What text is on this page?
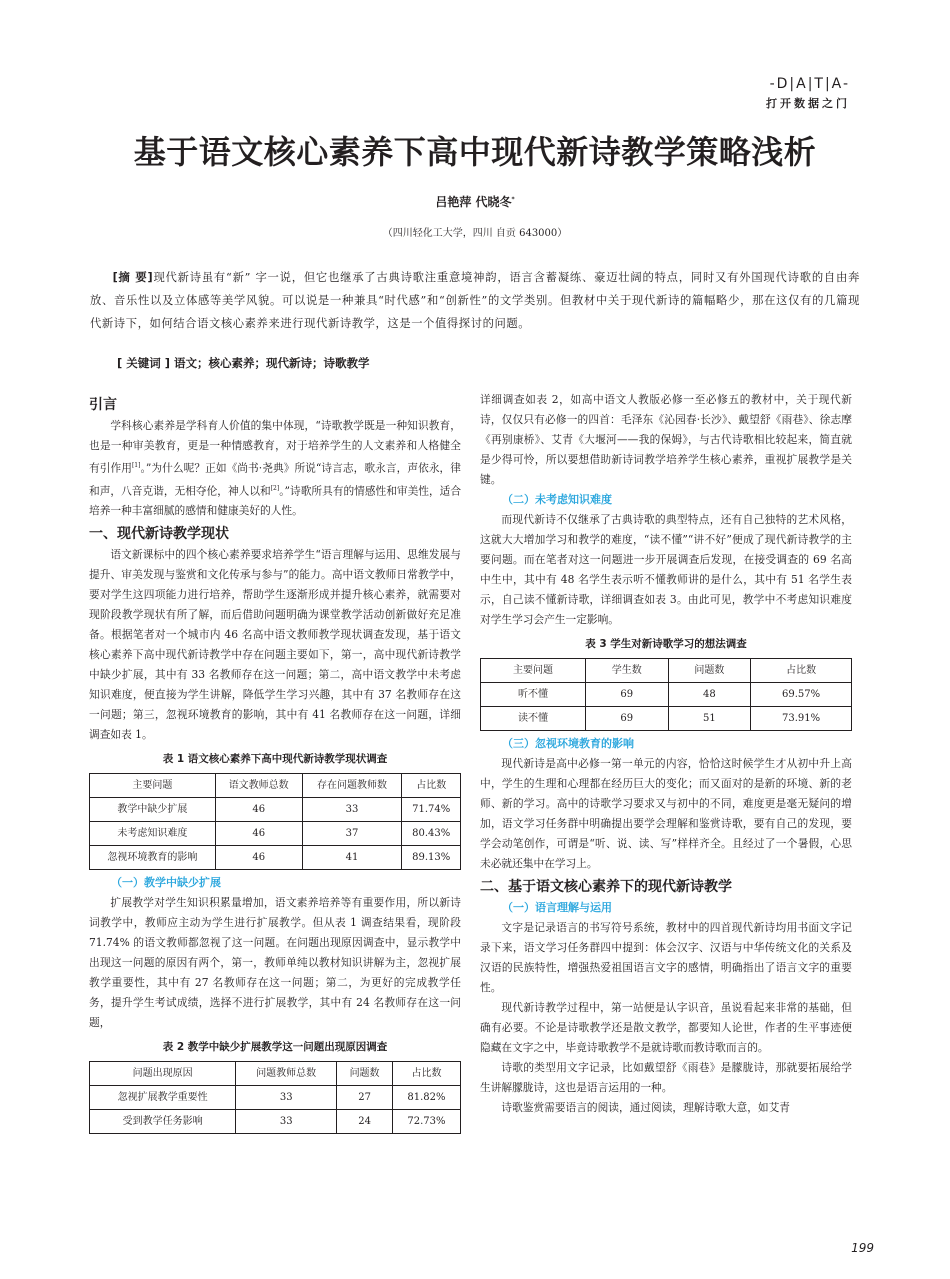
-D|A|T|A-
打开数据之门
基于语文核心素养下高中现代新诗教学策略浅析
吕艳萍 代晓冬*
（四川轻化工大学，四川 自贡 643000）
[摘 要]现代新诗虽有“新” 字一说，但它也继承了古典诗歌注重意境神韵，语言含蓄凝练、豪迈壮阔的特点，同时又有外国现代诗歌的自由奔放、音乐性以及立体感等美学风貌。可以说是一种兼具“时代感”和“创新性”的文学类别。但教材中关于现代新诗的篇幅略少，那在这仅有的几篇现代新诗下，如何结合语文核心素养来进行现代新诗教学，这是一个值得探讨的问题。
[ 关键词 ] 语文；核心素养；现代新诗；诗歌教学
引言

学科核心素养是学科育人价值的集中体现，“诗歌教学既是一种知识教育，也是一种审美教育，更是一种情感教育，对于培养学生的人文素养和人格健全有引作用[1]。”为什么呢？正如《尚书·尧典》所说“诗言志，歌永言，声依永，律和声，八音克谐，无相夺伦，神人以和[2]。”诗歌所具有的情感性和审美性，适合培养一种丰富细腻的感情和健康美好的人性。

一、现代新诗教学现状

语文新课标中的四个核心素养要求培养学生“语言理解与运用、思维发展与提升、审美发现与鉴赏和文化传承与参与”的能力。高中语文教师日常教学中，要对学生这四项能力进行培养，帮助学生逐渐形成并提升核心素养，就需要对现阶段教学现状有所了解，而后借助问题明确为课堂教学活动创新做好充足准备。根据笔者对一个城市内 46 名高中语文教师教学现状调查发现，基于语文核心素养下高中现代新诗教学中存在问题主要如下，第一，高中现代新诗教学中缺少扩展，其中有 33 名教师存在这一问题；第二，高中语文教学中未考虑知识难度，便直接为学生讲解，降低学生学习兴趣，其中有 37 名教师存在这一问题；第三，忽视环境教育的影响，其中有 41 名教师存在这一问题，详细调查如表 1。

表 1 语文核心素养下高中现代新诗教学现状调查
主要问题	语文教师总数	存在问题教师数	占比数
教学中缺少扩展	46	33	71.74%
未考虑知识难度	46	37	80.43%
忽视环境教育的影响	46	41	89.13%
（一）教学中缺少扩展

扩展教学对学生知识积累量增加，语文素养培养等有重要作用，所以新诗词教学中，教师应主动为学生进行扩展教学。但从表 1 调查结果看，现阶段 71.74% 的语文教师都忽视了这一问题。在问题出现原因调查中，显示教学中出现这一问题的原因有两个，第一，教师单纯以教材知识讲解为主，忽视扩展教学重要性，其中有 27 名教师存在这一问题；第二，为更好的完成教学任务，提升学生考试成绩，选择不进行扩展教学，其中有 24 名教师存在这一问题，

表 2 教学中缺少扩展教学这一问题出现原因调查
问题出现原因	问题教师总数	问题数	占比数
忽视扩展教学重要性	33	27	81.82%
受到教学任务影响	33	24	72.73%

详细调查如表 2，如高中语文人教版必修一至必修五的教材中，关于现代新诗，仅仅只有必修一的四首：毛泽东《沁园春·长沙》、戴望舒《雨巷》、徐志摩《再别康桥》、艾青《大堰河——我的保姆》，与古代诗歌相比较起来，简直就是少得可怜，所以要想借助新诗词教学培养学生核心素养，重视扩展教学是关键。

（二）未考虑知识难度

而现代新诗不仅继承了古典诗歌的典型特点，还有自己独特的艺术风格，这就大大增加学习和教学的难度，“读不懂”“讲不好”便成了现代新诗教学的主要问题。而在笔者对这一问题进一步开展调查后发现，在接受调查的 69 名高中生中，其中有 48 名学生表示听不懂教师讲的是什么，其中有 51 名学生表示，自己读不懂新诗歌，详细调查如表 3。由此可见，教学中不考虑知识难度对学生学习会产生一定影响。

表 3 学生对新诗歌学习的想法调查
主要问题	学生数	问题数	占比数
听不懂	69	48	69.57%
读不懂	69	51	73.91%
（三）忽视环境教育的影响

现代新诗是高中必修一第一单元的内容，恰恰这时候学生才从初中升上高中，学生的生理和心理都在经历巨大的变化；而又面对的是新的环境、新的老师、新的学习。高中的诗歌学习要求又与初中的不同，难度更是毫无疑问的增加，语文学习任务群中明确提出要学会理解和鉴赏诗歌，要有自己的发现，要学会动笔创作，可谓是“听、说、读、写”样样齐全。且经过了一个暑假，心思未必就还集中在学习上。

二、基于语文核心素养下的现代新诗教学
（一）语言理解与运用

文字是记录语言的书写符号系统，教材中的四首现代新诗均用书面文字记录下来，语文学习任务群四中提到：体会汉字、汉语与中华传统文化的关系及汉语的民族特性，增强热爱祖国语言文字的感情，明确指出了语言文字的重要性。

现代新诗教学过程中，第一站便是认字识音，虽说看起来非常的基础，但确有必要。不论是诗歌教学还是散文教学，都要知人论世，作者的生平事迹便隐藏在文字之中，毕竟诗歌教学不是就诗歌而教诗歌而言的。

诗歌的类型用文字记录，比如戴望舒《雨巷》是朦胧诗，那就要拓展给学生讲解朦胧诗，这也是语言运用的一种。

诗歌鉴赏需要语言的阅读，通过阅读，理解诗歌大意，如艾青

199
